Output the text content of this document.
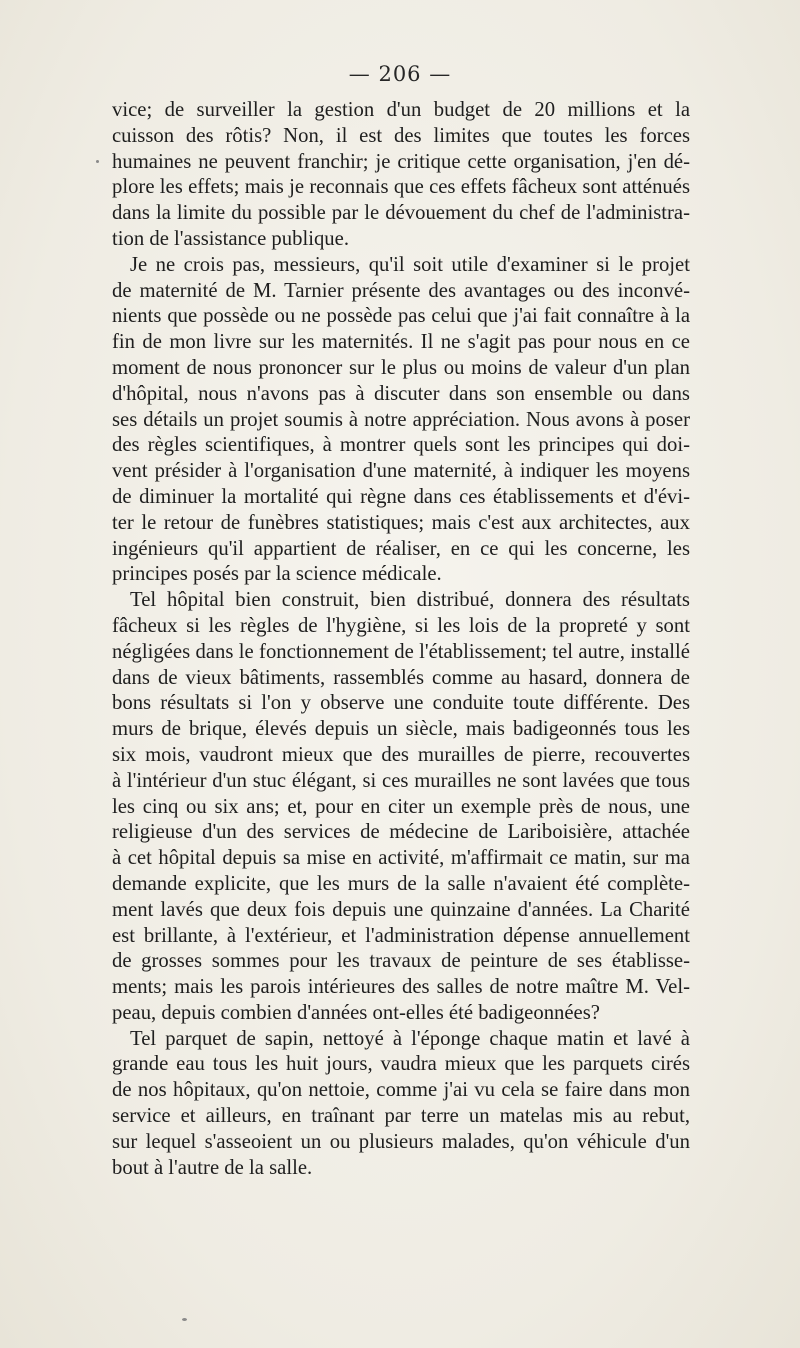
— 206 —
vice; de surveiller la gestion d'un budget de 20 millions et la
cuisson des rôtis? Non, il est des limites que toutes les forces
humaines ne peuvent franchir; je critique cette organisation, j'en dé-
plore les effets; mais je reconnais que ces effets fâcheux sont atténués
dans la limite du possible par le dévouement du chef de l'administra-
tion de l'assistance publique.
Je ne crois pas, messieurs, qu'il soit utile d'examiner si le projet
de maternité de M. Tarnier présente des avantages ou des inconvé-
nients que possède ou ne possède pas celui que j'ai fait connaître à la
fin de mon livre sur les maternités. Il ne s'agit pas pour nous en ce
moment de nous prononcer sur le plus ou moins de valeur d'un plan
d'hôpital, nous n'avons pas à discuter dans son ensemble ou dans
ses détails un projet soumis à notre appréciation. Nous avons à poser
des règles scientifiques, à montrer quels sont les principes qui doi-
vent présider à l'organisation d'une maternité, à indiquer les moyens
de diminuer la mortalité qui règne dans ces établissements et d'évi-
ter le retour de funèbres statistiques; mais c'est aux architectes, aux
ingénieurs qu'il appartient de réaliser, en ce qui les concerne, les
principes posés par la science médicale.
Tel hôpital bien construit, bien distribué, donnera des résultats
fâcheux si les règles de l'hygiène, si les lois de la propreté y sont
négligées dans le fonctionnement de l'établissement; tel autre, installé
dans de vieux bâtiments, rassemblés comme au hasard, donnera de
bons résultats si l'on y observe une conduite toute différente. Des
murs de brique, élevés depuis un siècle, mais badigeonnés tous les
six mois, vaudront mieux que des murailles de pierre, recouvertes
à l'intérieur d'un stuc élégant, si ces murailles ne sont lavées que tous
les cinq ou six ans; et, pour en citer un exemple près de nous, une
religieuse d'un des services de médecine de Lariboisière, attachée
à cet hôpital depuis sa mise en activité, m'affirmait ce matin, sur ma
demande explicite, que les murs de la salle n'avaient été complète-
ment lavés que deux fois depuis une quinzaine d'années. La Charité
est brillante, à l'extérieur, et l'administration dépense annuellement
de grosses sommes pour les travaux de peinture de ses établisse-
ments; mais les parois intérieures des salles de notre maître M. Vel-
peau, depuis combien d'années ont-elles été badigeonnées?
Tel parquet de sapin, nettoyé à l'éponge chaque matin et lavé à
grande eau tous les huit jours, vaudra mieux que les parquets cirés
de nos hôpitaux, qu'on nettoie, comme j'ai vu cela se faire dans mon
service et ailleurs, en traînant par terre un matelas mis au rebut,
sur lequel s'asseoient un ou plusieurs malades, qu'on véhicule d'un
bout à l'autre de la salle.
